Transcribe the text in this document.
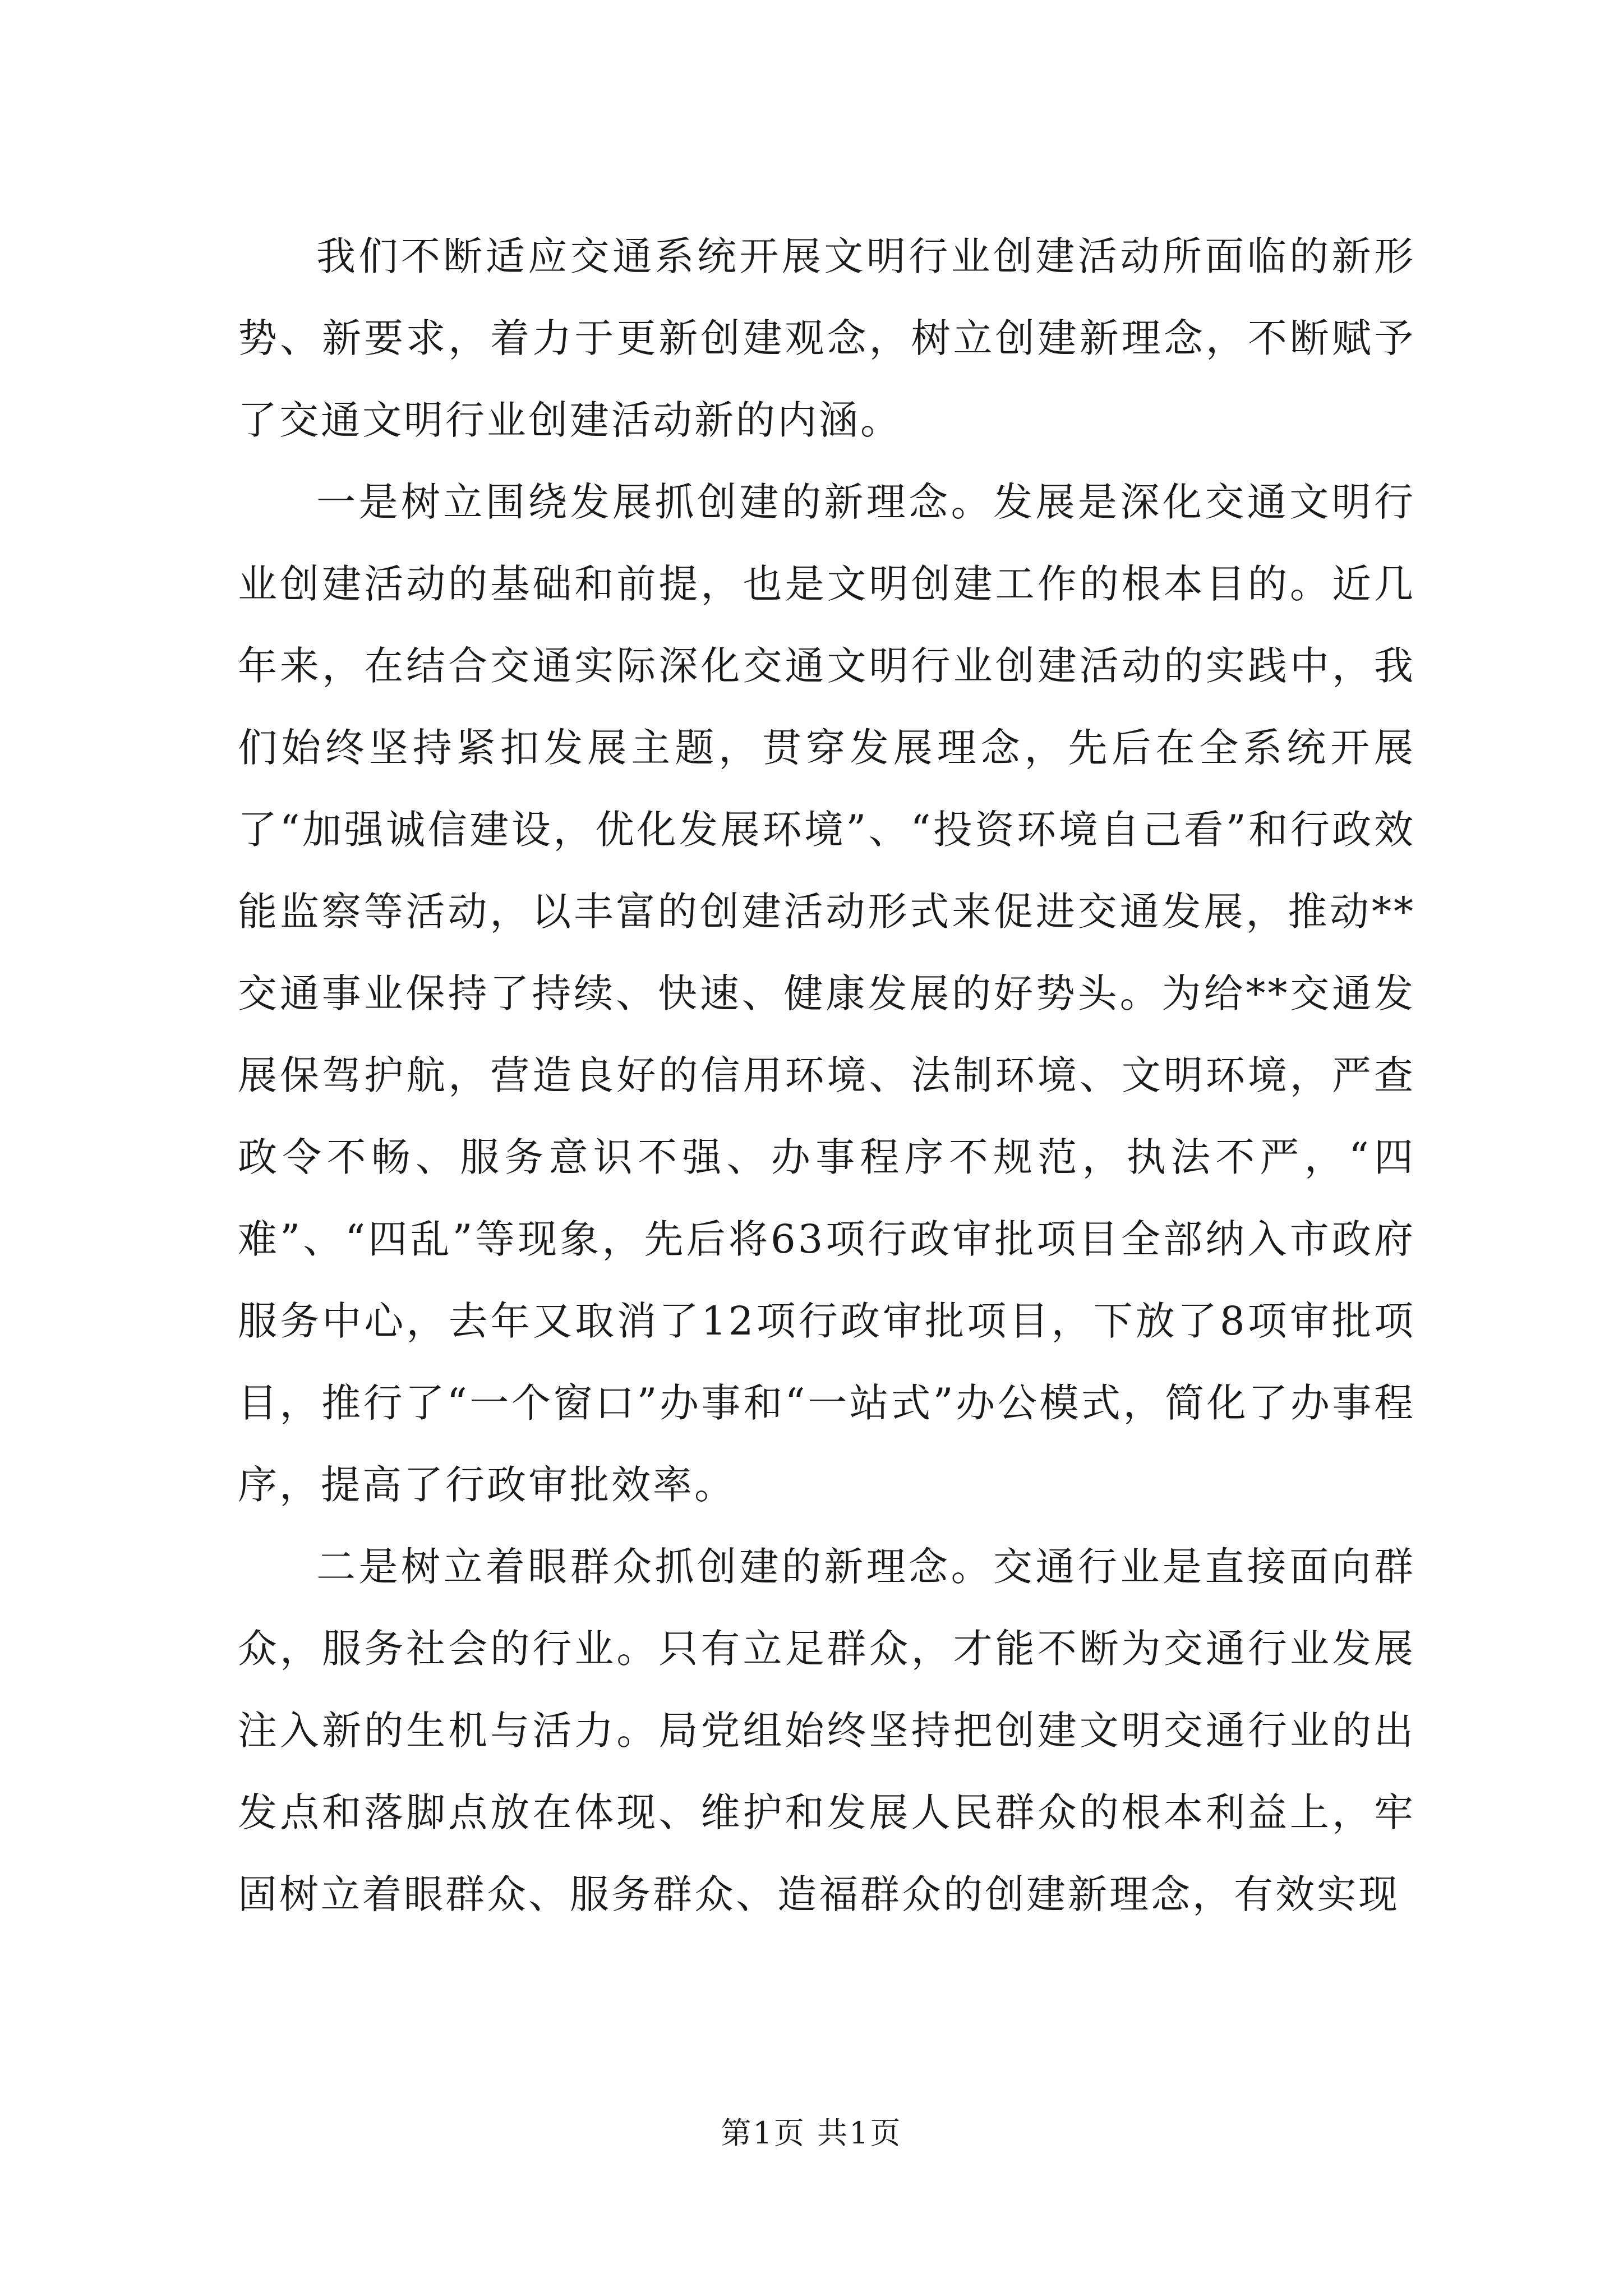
我们不断适应交通系统开展文明行业创建活动所面临的新形势、新要求，着力于更新创建观念，树立创建新理念，不断赋予了交通文明行业创建活动新的内涵。

一是树立围绕发展抓创建的新理念。发展是深化交通文明行业创建活动的基础和前提，也是文明创建工作的根本目的。近几年来，在结合交通实际深化交通文明行业创建活动的实践中，我们始终坚持紧扣发展主题，贯穿发展理念，先后在全系统开展了“加强诚信建设，优化发展环境”、“投资环境自己看”和行政效能监察等活动，以丰富的创建活动形式来促进交通发展，推动**交通事业保持了持续、快速、健康发展的好势头。为给**交通发展保驾护航，营造良好的信用环境、法制环境、文明环境，严查政令不畅、服务意识不强、办事程序不规范，执法不严，“四难”、“四乱”等现象，先后将63项行政审批项目全部纳入市政府服务中心，去年又取消了12项行政审批项目，下放了8项审批项目，推行了“一个窗口”办事和“一站式”办公模式，简化了办事程序，提高了行政审批效率。

二是树立着眼群众抓创建的新理念。交通行业是直接面向群众，服务社会的行业。只有立足群众，才能不断为交通行业发展注入新的生机与活力。局党组始终坚持把创建文明交通行业的出发点和落脚点放在体现、维护和发展人民群众的根本利益上，牢固树立着眼群众、服务群众、造福群众的创建新理念，有效实现

第1页 共1页
